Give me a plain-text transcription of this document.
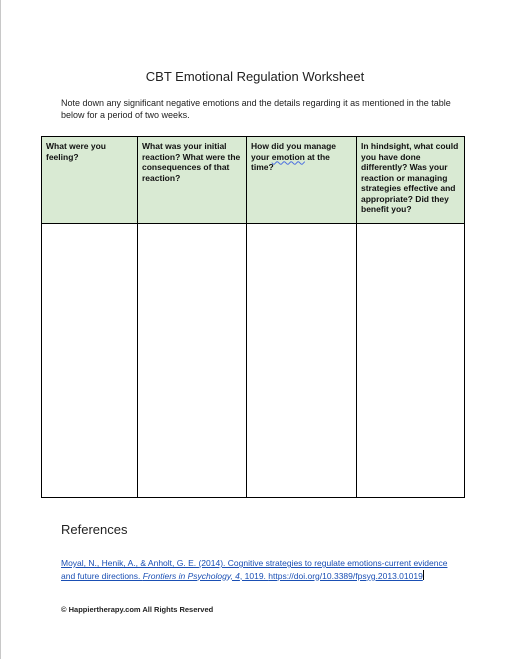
CBT Emotional Regulation Worksheet
Note down any significant negative emotions and the details regarding it as mentioned in the table below for a period of two weeks.
What were you feeling?	What was your initial reaction? What were the consequences of that reaction?	How did you manage your emotion at the time?	In hindsight, what could you have done differently? Was your reaction or managing strategies effective and appropriate? Did they benefit you?

References
Moyal, N., Henik, A., & Anholt, G. E. (2014). Cognitive strategies to regulate emotions-current evidence and future directions. Frontiers in Psychology, 4, 1019. https://doi.org/10.3389/fpsyg.2013.01019
© Happiertherapy.com All Rights Reserved
